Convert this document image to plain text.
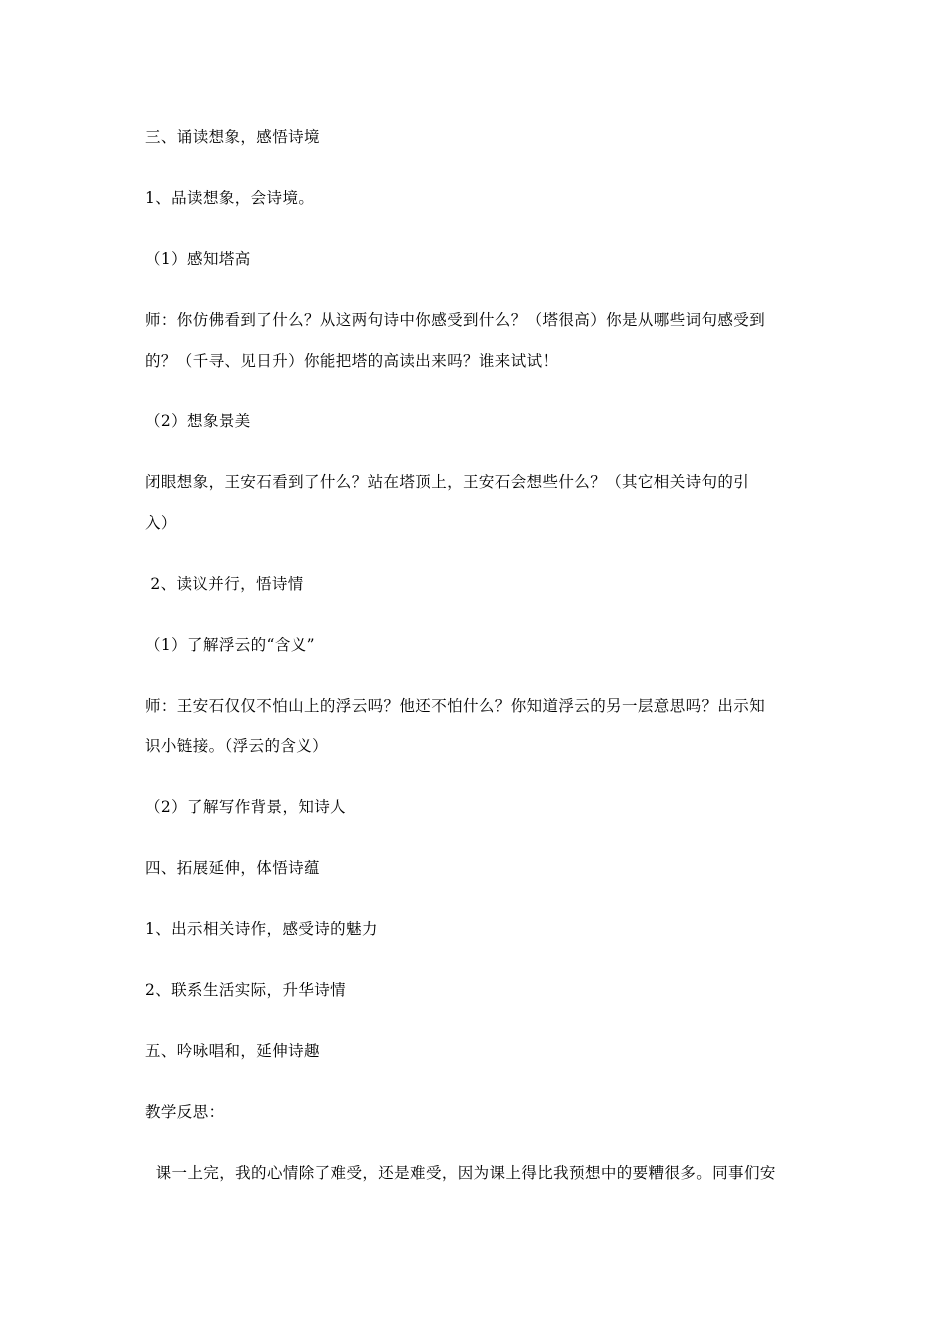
三、诵读想象，感悟诗境
1、品读想象，会诗境。
（1）感知塔高
师：你仿佛看到了什么？从这两句诗中你感受到什么？（塔很高）你是从哪些词句感受到
的？（千寻、见日升）你能把塔的高读出来吗？谁来试试！
（2）想象景美
闭眼想象，王安石看到了什么？站在塔顶上，王安石会想些什么？（其它相关诗句的引
入）
2、读议并行，悟诗情
（1）了解浮云的“含义”
师：王安石仅仅不怕山上的浮云吗？他还不怕什么？你知道浮云的另一层意思吗？出示知
识小链接。（浮云的含义）
（2）了解写作背景，知诗人
四、拓展延伸，体悟诗蕴
1、出示相关诗作，感受诗的魅力
2、联系生活实际，升华诗情
五、吟咏唱和，延伸诗趣
教学反思：
课一上完，我的心情除了难受，还是难受，因为课上得比我预想中的要糟很多。同事们安
